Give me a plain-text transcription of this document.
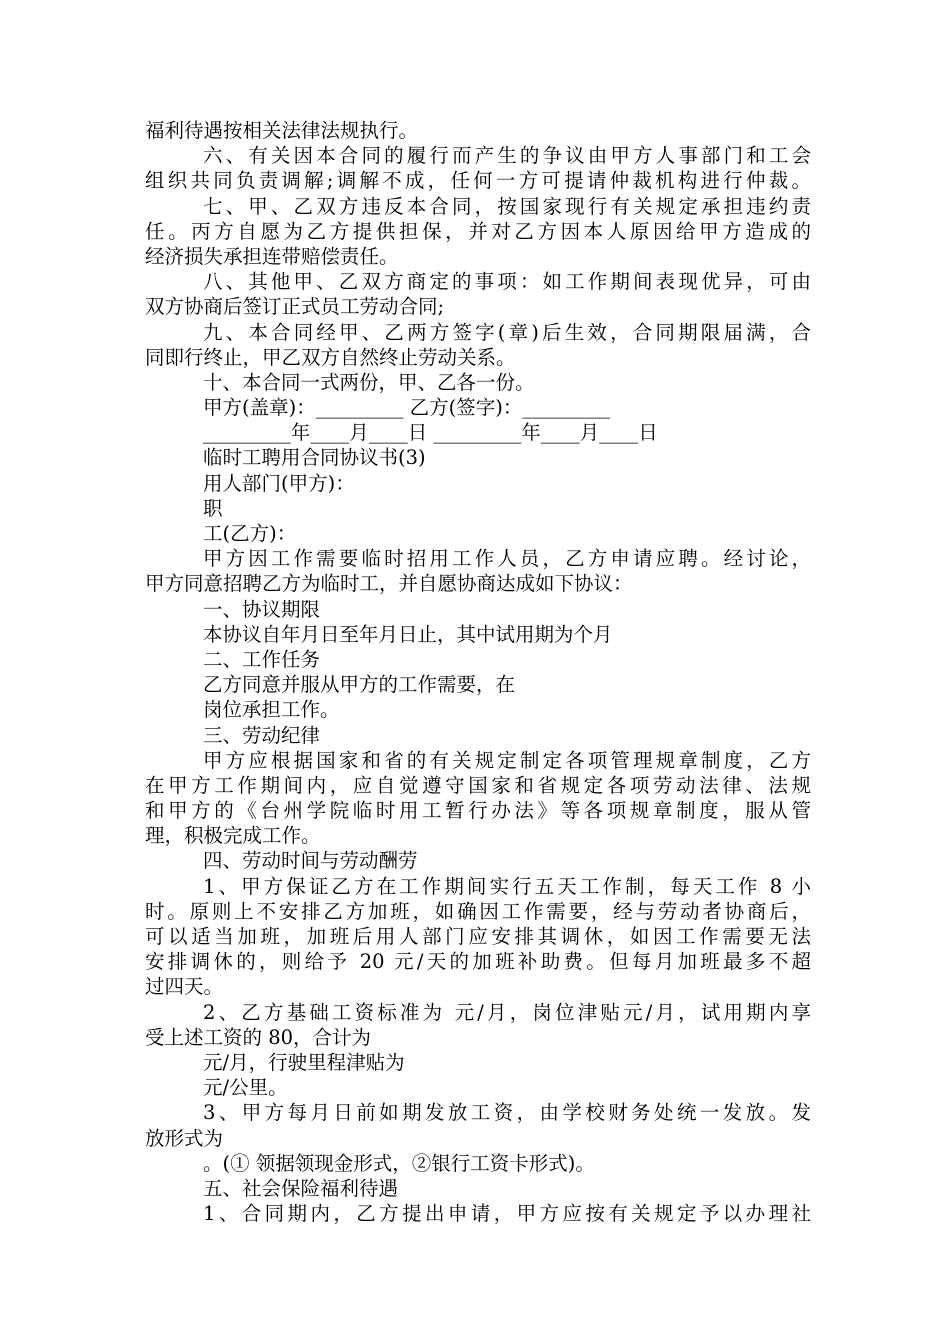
福利待遇按相关法律法规执行。
六、有关因本合同的履行而产生的争议由甲方人事部门和工会
组织共同负责调解;调解不成，任何一方可提请仲裁机构进行仲裁。
七、甲、乙双方违反本合同，按国家现行有关规定承担违约责
任。丙方自愿为乙方提供担保，并对乙方因本人原因给甲方造成的
经济损失承担连带赔偿责任。
八、其他甲、乙双方商定的事项：如工作期间表现优异，可由
双方协商后签订正式员工劳动合同;
九、本合同经甲、乙两方签字(章)后生效，合同期限届满，合
同即行终止，甲乙双方自然终止劳动关系。
十、本合同一式两份，甲、乙各一份。
甲方(盖章)：_________ 乙方(签字)：_________
_________年____月____日 _________年____月____日
临时工聘用合同协议书(3)
用人部门(甲方)：
职
工(乙方)：
甲方因工作需要临时招用工作人员，乙方申请应聘。经讨论，
甲方同意招聘乙方为临时工，并自愿协商达成如下协议：
一、协议期限
本协议自年月日至年月日止，其中试用期为个月
二、工作任务
乙方同意并服从甲方的工作需要，在
岗位承担工作。
三、劳动纪律
甲方应根据国家和省的有关规定制定各项管理规章制度，乙方
在甲方工作期间内，应自觉遵守国家和省规定各项劳动法律、法规
和甲方的《台州学院临时用工暂行办法》等各项规章制度，服从管
理，积极完成工作。
四、劳动时间与劳动酬劳
1、甲方保证乙方在工作期间实行五天工作制，每天工作 8 小
时。原则上不安排乙方加班，如确因工作需要，经与劳动者协商后，
可以适当加班，加班后用人部门应安排其调休，如因工作需要无法
安排调休的，则给予 20 元/天的加班补助费。但每月加班最多不超
过四天。
2、乙方基础工资标准为 元/月，岗位津贴元/月，试用期内享
受上述工资的 80，合计为
元/月，行驶里程津贴为
元/公里。
3、甲方每月日前如期发放工资，由学校财务处统一发放。发
放形式为
。(① 领据领现金形式，②银行工资卡形式)。
五、社会保险福利待遇
1、合同期内，乙方提出申请，甲方应按有关规定予以办理社
